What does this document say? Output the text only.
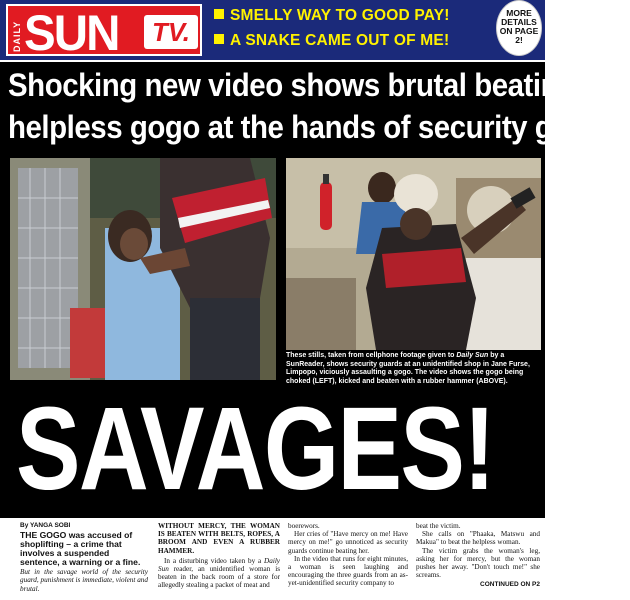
DAILY SUN	TV.
SMELLY WAY TO GOOD PAY!
A SNAKE CAME OUT OF ME!
MORE DETAILS ON PAGE 2!
Shocking new video shows brutal beating of
helpless gogo at the hands of security guards
These stills, taken from cellphone footage given to Daily Sun by a SunReader, shows security guards at an unidentified shop in Jane Furse, Limpopo, viciously assaulting a gogo. The video shows the gogo being choked (LEFT), kicked and beaten with a rubber hammer (ABOVE).
SAVAGES!
By YANGA SOBI
THE GOGO was accused of shoplifting – a crime that involves a suspended sentence, a warning or a fine.
But in the savage world of the security guard, punishment is immediate, violent and brutal.
WITHOUT MERCY, THE WOMAN IS BEATEN WITH BELTS, ROPES, A BROOM AND EVEN A RUBBER HAMMER.
In a disturbing video taken by a Daily Sun reader, an unidentified woman is beaten in the back room of a store for allegedly stealing a packet of meat and
boerewors.
Her cries of "Have mercy on me! Have mercy on me!" go unnoticed as security guards continue beating her.
In the video that runs for eight minutes, a woman is seen laughing and encouraging the three guards from an as-yet-unidentified security company to
beat the victim.
She calls on "Phaaka, Matswu and Makua" to beat the helpless woman.
The victim grabs the woman's leg, asking her for mercy, but the woman pushes her away. "Don't touch me!" she screams.
CONTINUED ON P2
